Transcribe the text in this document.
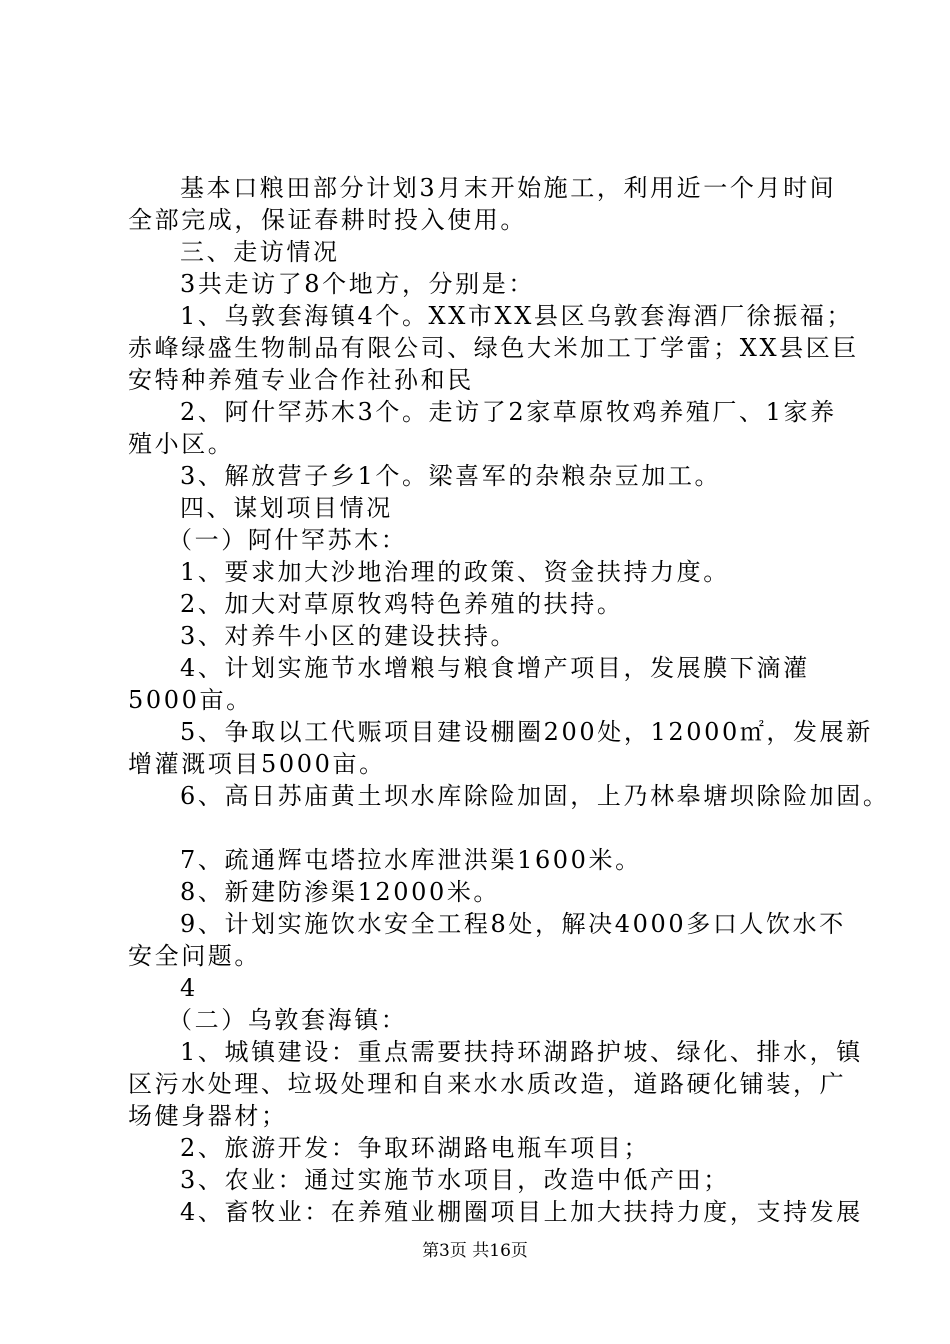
基本口粮田部分计划3月末开始施工，利用近一个月时间
全部完成，保证春耕时投入使用。
三、走访情况
3共走访了8个地方，分别是：
1、乌敦套海镇4个。XX市XX县区乌敦套海酒厂徐振福；
赤峰绿盛生物制品有限公司、绿色大米加工丁学雷；XX县区巨
安特种养殖专业合作社孙和民
2、阿什罕苏木3个。走访了2家草原牧鸡养殖厂、1家养
殖小区。
3、解放营子乡1个。梁喜军的杂粮杂豆加工。
四、谋划项目情况
（一）阿什罕苏木：
1、要求加大沙地治理的政策、资金扶持力度。
2、加大对草原牧鸡特色养殖的扶持。
3、对养牛小区的建设扶持。
4、计划实施节水增粮与粮食增产项目，发展膜下滴灌
5000亩。
5、争取以工代赈项目建设棚圈200处，12000㎡，发展新
增灌溉项目5000亩。
6、高日苏庙黄土坝水库除险加固，上乃林皋塘坝除险加固。
7、疏通辉屯塔拉水库泄洪渠1600米。
8、新建防渗渠12000米。
9、计划实施饮水安全工程8处，解决4000多口人饮水不
安全问题。
4
（二）乌敦套海镇：
1、城镇建设：重点需要扶持环湖路护坡、绿化、排水，镇
区污水处理、垃圾处理和自来水水质改造，道路硬化铺装，广
场健身器材；
2、旅游开发：争取环湖路电瓶车项目；
3、农业：通过实施节水项目，改造中低产田；
4、畜牧业：在养殖业棚圈项目上加大扶持力度，支持发展
第3页 共16页
